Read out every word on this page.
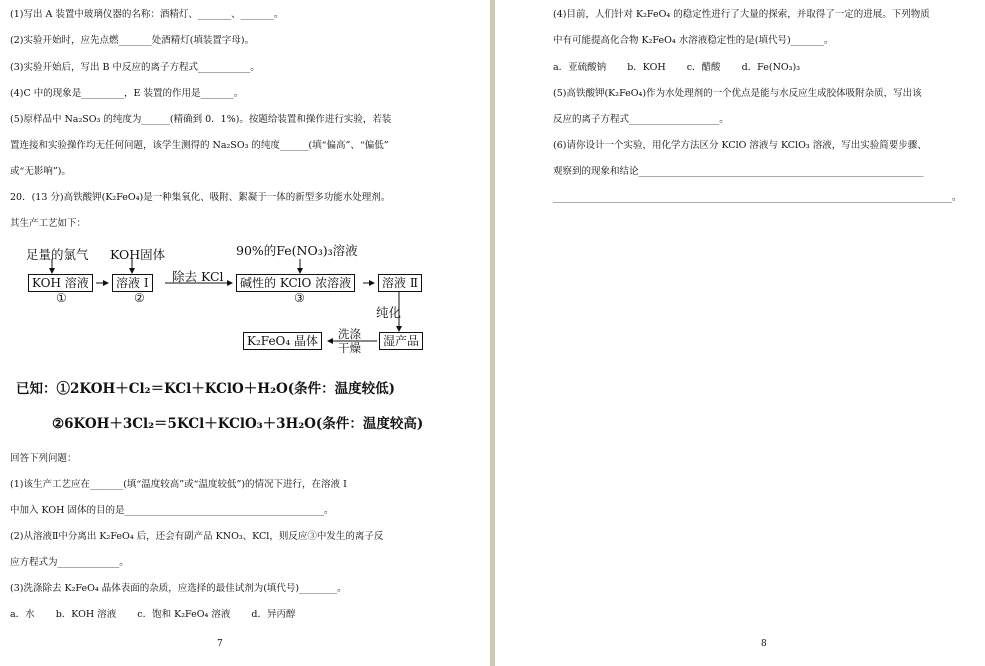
(1)写出 A 装置中玻璃仪器的名称：酒精灯、_______、_______。
(2)实验开始时，应先点燃_______处酒精灯(填装置字母)。
(3)实验开始后，写出 B 中反应的离子方程式___________。
(4)C 中的现象是_________，E 装置的作用是_______。
(5)原样品中 Na₂SO₃ 的纯度为______(精确到 0．1%)。按题给装置和操作进行实验，若装
置连接和实验操作均无任何问题，该学生测得的 Na₂SO₃ 的纯度______(填“偏高”、“偏低”
或“无影响”)。
20．(13 分)高铁酸钾(K₂FeO₄)是一种集氧化、吸附、絮凝于一体的新型多功能水处理剂。
其生产工艺如下：
足量的氯气 KOH固体	90%的Fe(NO₃)₃溶液
除去 KCl
KOH 溶液	溶液 Ⅰ	碱性的 KClO 浓溶液	溶液 Ⅱ
①	②	③
纯化
湿产品
洗涤
干燥
K₂FeO₄ 晶体
已知：①2KOH＋Cl₂＝KCl＋KClO＋H₂O(条件：温度较低)
②6KOH＋3Cl₂＝5KCl＋KClO₃＋3H₂O(条件：温度较高)
回答下列问题：
(1)该生产工艺应在_______(填“温度较高”或“温度较低”)的情况下进行，在溶液 I
中加入 KOH 固体的目的是__________________________________________。
(2)从溶液Ⅱ中分离出 K₂FeO₄ 后，还会有副产品 KNO₃、KCl，则反应③中发生的离子反
应方程式为_____________。
(3)洗涤除去 K₂FeO₄ 晶体表面的杂质，应选择的最佳试剂为(填代号)________。
a．水 b．KOH 溶液 c．饱和 K₂FeO₄ 溶液 d．异丙醇
7
(4)目前，人们针对 K₂FeO₄ 的稳定性进行了大量的探索，并取得了一定的进展。下列物质
中有可能提高化合物 K₂FeO₄ 水溶液稳定性的是(填代号)_______。
a．亚硫酸钠 b．KOH c．醋酸 d．Fe(NO₃)₃
(5)高铁酸钾(K₂FeO₄)作为水处理剂的一个优点是能与水反应生成胶体吸附杂质，写出该
反应的离子方程式___________________。
(6)请你设计一个实验，用化学方法区分 KClO 溶液与 KClO₃ 溶液，写出实验简要步骤、
观察到的现象和结论____________________________________________________________
____________________________________________________________________________________。
8
